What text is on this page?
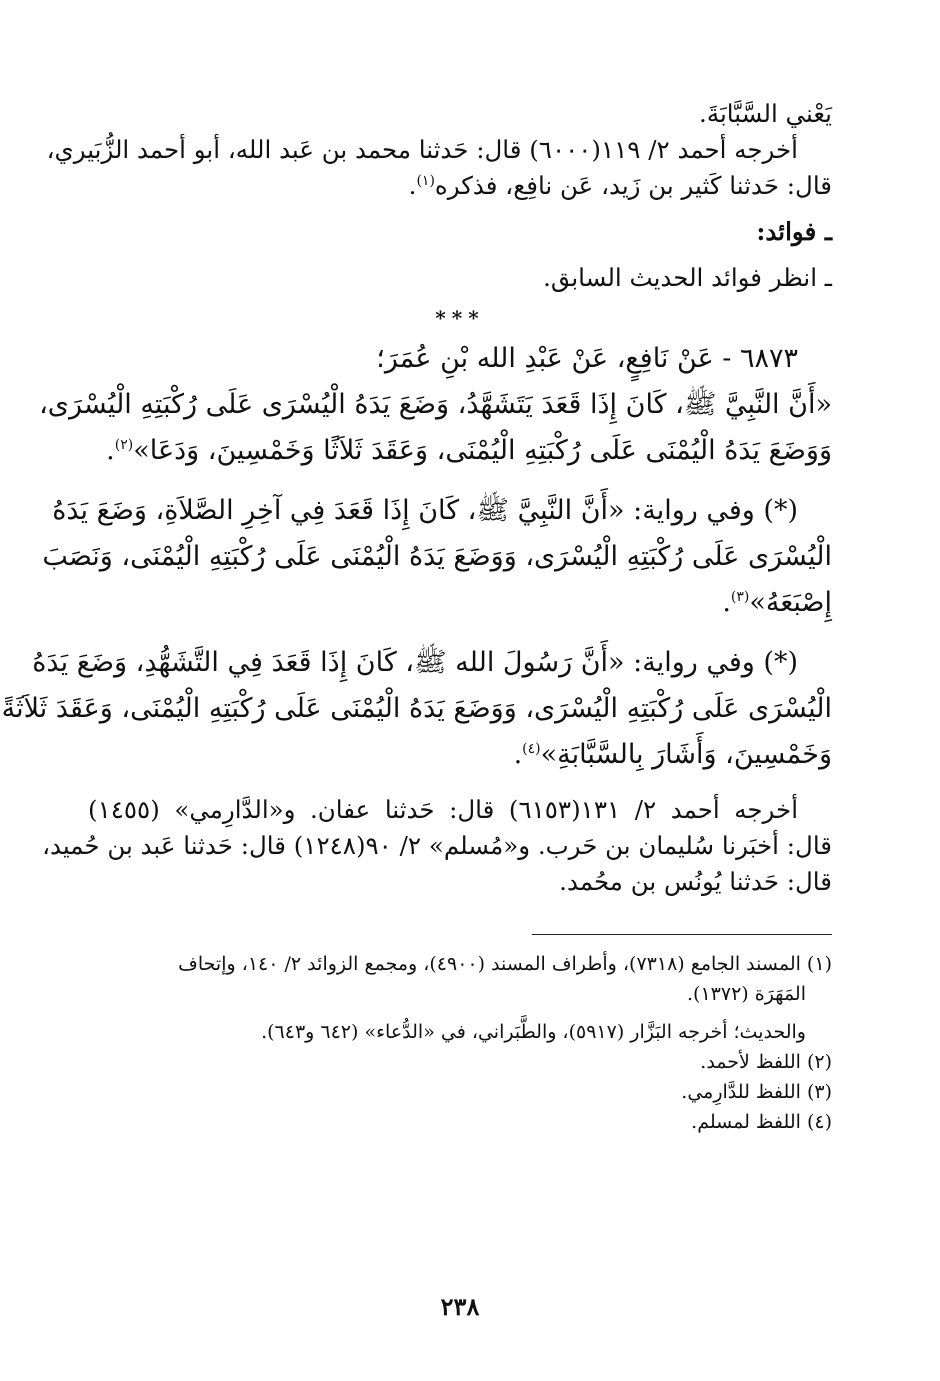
يَعْني السَّبَّابَةَ.

أخرجه أحمد ٢/ ١١٩(٦٠٠٠) قال: حَدثنا محمد بن عَبد الله، أبو أحمد الزُّبَيري،

قال: حَدثنا كَثير بن زَيد، عَن نافِع، فذكره$^{(١)}$.

ـ فوائد:

ـ انظر فوائد الحديث السابق.

***

٦٨٧٣ - عَنْ نَافِعٍ، عَنْ عَبْدِ الله بْنِ عُمَرَ؛

«أَنَّ النَّبِيَّ ﷺ، كَانَ إِذَا قَعَدَ يَتَشَهَّدُ، وَضَعَ يَدَهُ الْيُسْرَى عَلَى رُكْبَتِهِ الْيُسْرَى،

وَوَضَعَ يَدَهُ الْيُمْنَى عَلَى رُكْبَتِهِ الْيُمْنَى، وَعَقَدَ ثَلاَثًا وَخَمْسِينَ، وَدَعَا»$^{(٢)}$.

(*) وفي رواية: «أَنَّ النَّبِيَّ ﷺ، كَانَ إِذَا قَعَدَ فِي آخِرِ الصَّلاَةِ، وَضَعَ يَدَهُ

الْيُسْرَى عَلَى رُكْبَتِهِ الْيُسْرَى، وَوَضَعَ يَدَهُ الْيُمْنَى عَلَى رُكْبَتِهِ الْيُمْنَى، وَنَصَبَ

إِصْبَعَهُ»$^{(٣)}$.

(*) وفي رواية: «أَنَّ رَسُولَ الله ﷺ، كَانَ إِذَا قَعَدَ فِي التَّشَهُّدِ، وَضَعَ يَدَهُ

الْيُسْرَى عَلَى رُكْبَتِهِ الْيُسْرَى، وَوَضَعَ يَدَهُ الْيُمْنَى عَلَى رُكْبَتِهِ الْيُمْنَى، وَعَقَدَ ثَلاَثَةً

وَخَمْسِينَ، وَأَشَارَ بِالسَّبَّابَةِ»$^{(٤)}$.

أخرجه أحمد ٢/ ١٣١(٦١٥٣) قال: حَدثنا عفان. و«الدَّارِمي» (١٤٥٥)

قال: أخبَرنا سُليمان بن حَرب. و«مُسلم» ٢/ ٩٠(١٢٤٨) قال: حَدثنا عَبد بن حُميد،

قال: حَدثنا يُونُس بن محُمد.

(١) المسند الجامع (٧٣١٨)، وأطراف المسند (٤٩٠٠)، ومجمع الزوائد ٢/ ١٤٠، وإتحاف

المَهَرَة (١٣٧٢).

والحديث؛ أخرجه البَزَّار (٥٩١٧)، والطَّبَراني، في «الدُّعاء» (٦٤٢ و٦٤٣).

(٢) اللفظ لأحمد.

(٣) اللفظ للدَّارِمي.

(٤) اللفظ لمسلم.

٢٣٨
